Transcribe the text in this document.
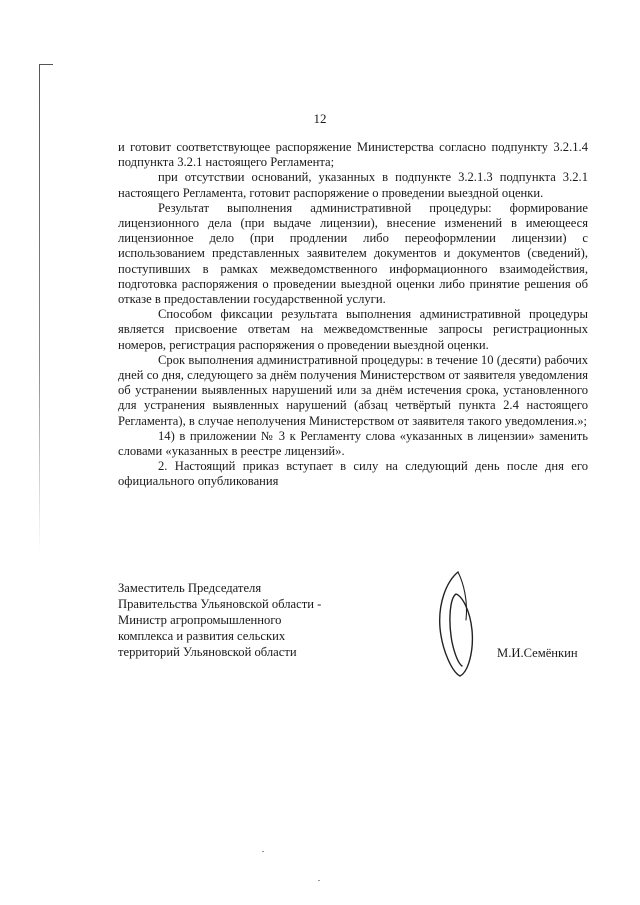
12

и готовит соответствующее распоряжение Министерства согласно подпункту 3.2.1.4 подпункта 3.2.1 настоящего Регламента;

при отсутствии оснований, указанных в подпункте 3.2.1.3 подпункта 3.2.1 настоящего Регламента, готовит распоряжение о проведении выездной оценки.

Результат выполнения административной процедуры: формирование лицензионного дела (при выдаче лицензии), внесение изменений в имеющееся лицензионное дело (при продлении либо переоформлении лицензии) с использованием представленных заявителем документов и документов (сведений), поступивших в рамках межведомственного информационного взаимодействия, подготовка распоряжения о проведении выездной оценки либо принятие решения об отказе в предоставлении государственной услуги.

Способом фиксации результата выполнения административной процедуры является присвоение ответам на межведомственные запросы регистрационных номеров, регистрация распоряжения о проведении выездной оценки.

Срок выполнения административной процедуры: в течение 10 (десяти) рабочих дней со дня, следующего за днём получения Министерством от заявителя уведомления об устранении выявленных нарушений или за днём истечения срока, установленного для устранения выявленных нарушений (абзац четвёртый пункта 2.4 настоящего Регламента), в случае неполучения Министерством от заявителя такого уведомления.»;

14) в приложении № 3 к Регламенту слова «указанных в лицензии» заменить словами «указанных в реестре лицензий».

2. Настоящий приказ вступает в силу на следующий день после дня его официального опубликования

Заместитель Председателя
Правительства Ульяновской области -
Министр агропромышленного
комплекса и развития сельских
территорий Ульяновской области	М.И.Семёнкин
